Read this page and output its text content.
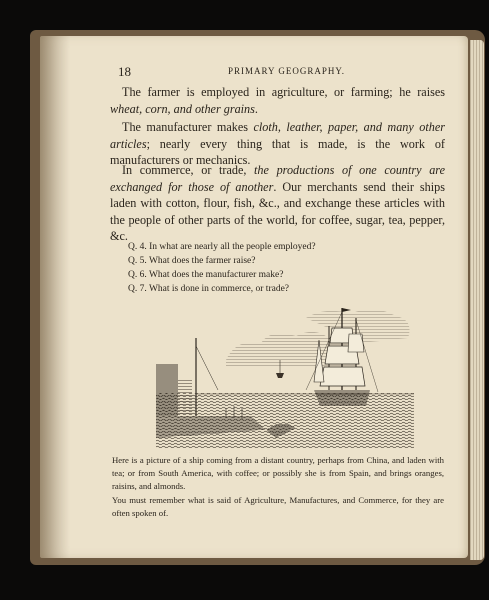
18	PRIMARY GEOGRAPHY.

The farmer is employed in agriculture, or farming; he raises wheat, corn, and other grains.

The manufacturer makes cloth, leather, paper, and many other articles; nearly every thing that is made, is the work of manufacturers or mechanics.

In commerce, or trade, the productions of one country are exchanged for those of another. Our merchants send their ships laden with cotton, flour, fish, &c., and exchange these articles with the people of other parts of the world, for coffee, sugar, tea, pepper, &c.

Q. 4. In what are nearly all the people employed?
Q. 5. What does the farmer raise?
Q. 6. What does the manufacturer make?
Q. 7. What is done in commerce, or trade?

Here is a picture of a ship coming from a distant country, perhaps from China, and laden with tea; or from South America, with coffee; or possibly she is from Spain, and brings oranges, raisins, and almonds.

You must remember what is said of Agriculture, Manufactures, and Commerce, for they are often spoken of.
